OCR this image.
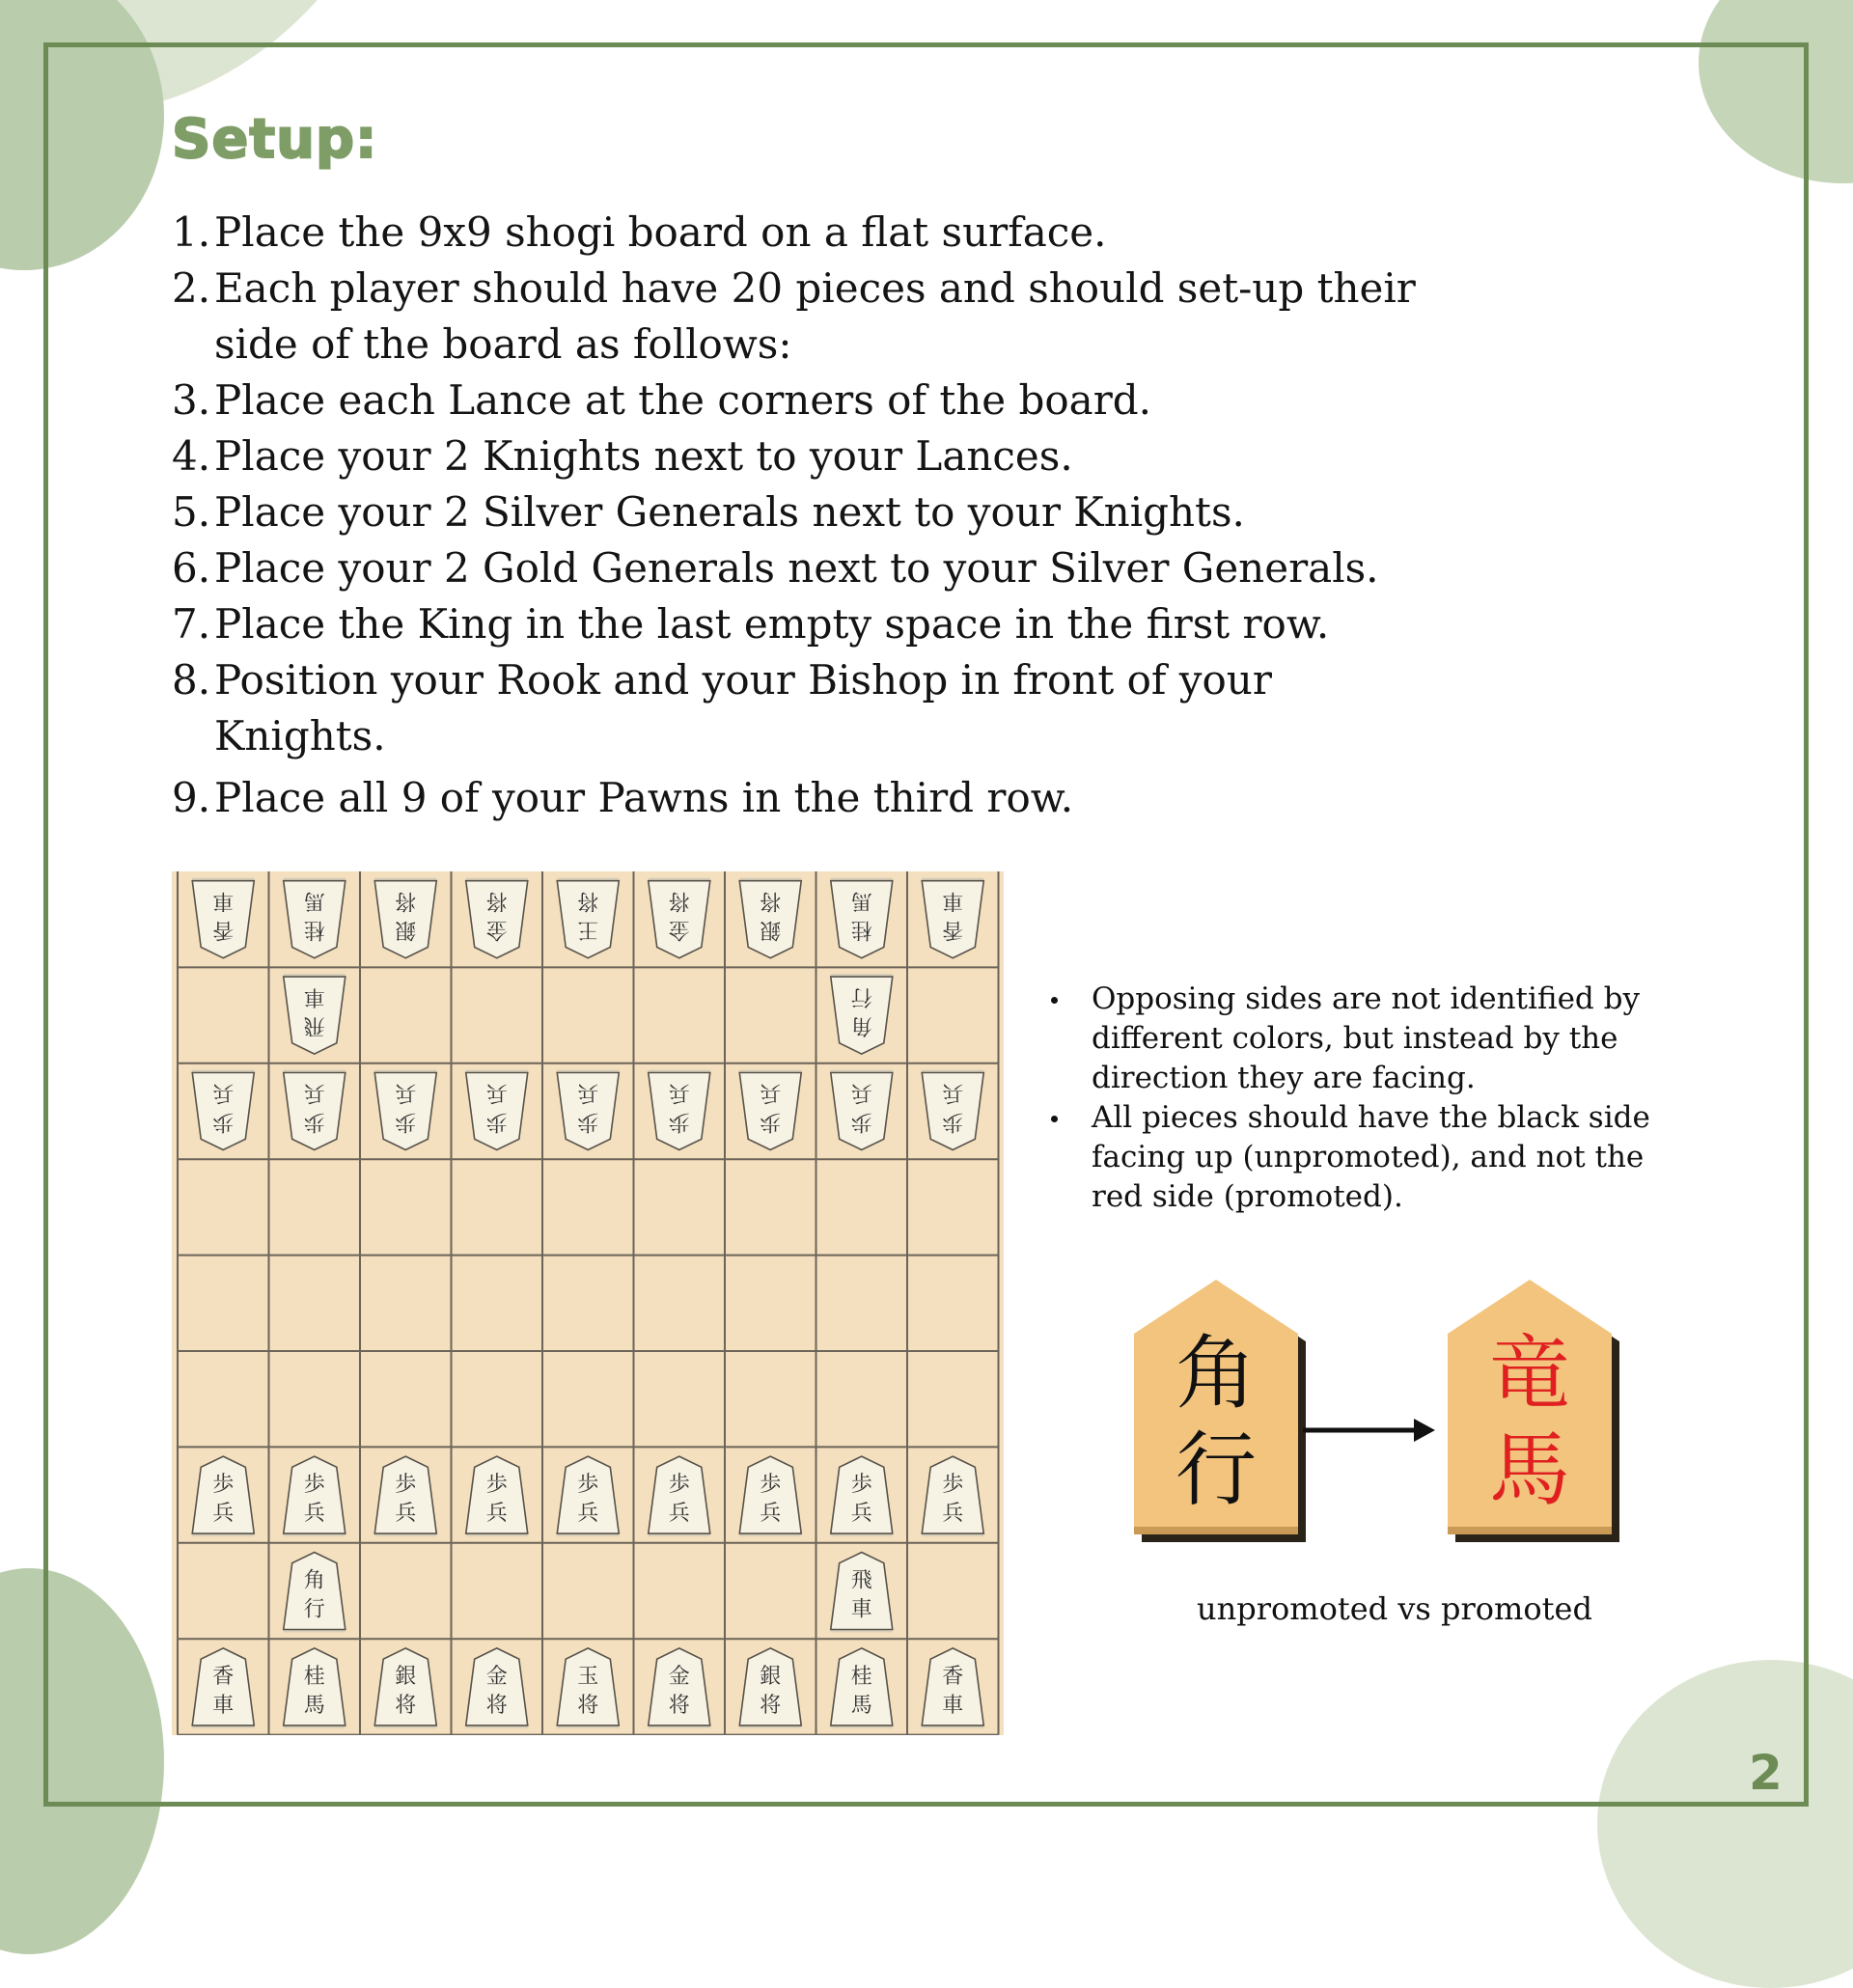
Setup:
1. Place the 9x9 shogi board on a flat surface.
2. Each player should have 20 pieces and should set-up their side of the board as follows:
3. Place each Lance at the corners of the board.
4. Place your 2 Knights next to your Lances.
5. Place your 2 Silver Generals next to your Knights.
6. Place your 2 Gold Generals next to your Silver Generals.
7. Place the King in the last empty space in the first row.
8. Position your Rook and your Bishop in front of your Knights.
9. Place all 9 of your Pawns in the third row.
香
車
桂
馬
銀
将
金
将
王
将
金
将
銀
将
桂
馬
香
車
飛
車
角
行
歩
兵
歩
兵
歩
兵
歩
兵
歩
兵
歩
兵
歩
兵
歩
兵
歩
兵
歩
兵
歩
兵
歩
兵
歩
兵
歩
兵
歩
兵
歩
兵
歩
兵
歩
兵
角
行
飛
車
香
車
桂
馬
銀
将
金
将
玉
将
金
将
銀
将
桂
馬
香
車
Opposing sides are not identified by different colors, but instead by the direction they are facing.
All pieces should have the black side facing up (unpromoted), and not the red side (promoted).
角
行
竜
馬
unpromoted vs promoted
2
